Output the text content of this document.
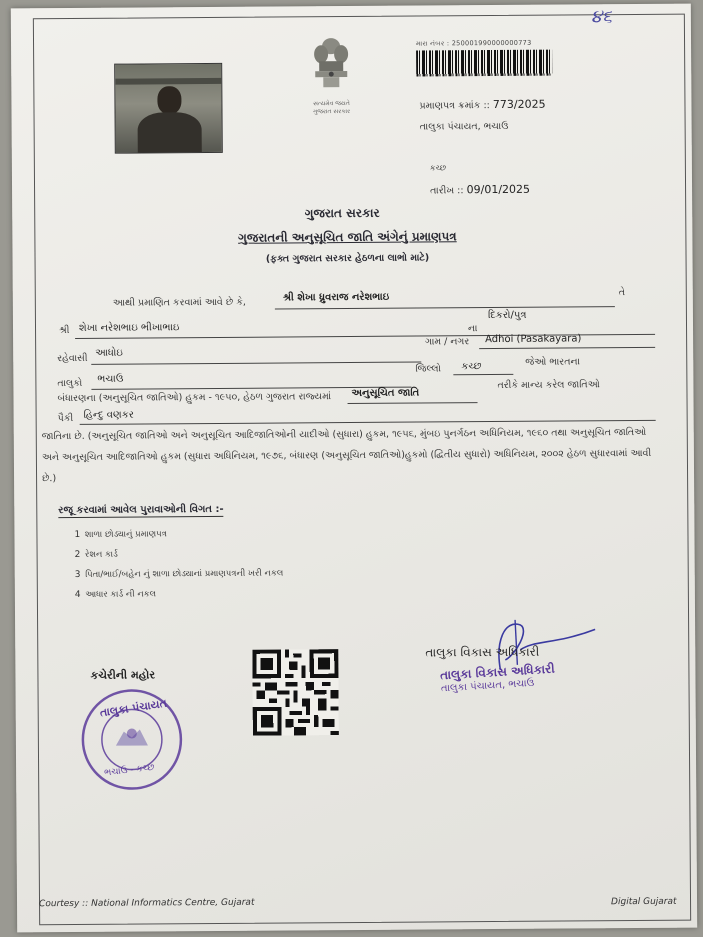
૪૬
સત્યમેવ જયતે
ગુજરાત સરકાર
મારા નંબર : 250001990000000773
પ્રમાણપત્ર ક્રમાંક :: 773/2025
તાલુકા પંચાયત, ભચાઉ
કચ્છ
તારીખ :: 09/01/2025
ગુજરાત સરકાર
ગુજરાતની અનુસૂચિત જાતિ અંગેનું પ્રમાણપત્ર
(ફક્ત ગુજરાત સરકાર હેઠળના લાભો માટે)
આથી પ્રમાણિત કરવામાં આવે છે કે,	શ્રી શેખા ધ્રુવરાજ નરેશભાઇ	તે
શ્રી શેખા નરેશભાઇ ભીખાભાઇ	ના
દિકરો/પુત્ર
રહેવાસી આધોઇ
ગામ / નગર Adhoi (Pasakayara)
તાલુકો ભચાઉ
જિલ્લો કચ્છ	જેઓ ભારતના
બંધારણના (અનુસૂચિત જાતિઓ) હુકમ - ૧૯૫૦, હેઠળ ગુજરાત રાજ્યમાં અનુસૂચિત જાતિ
તરીકે માન્ય કરેલ જાતિઓ
પૈકી હિન્દુ વણકર
જાતિના છે. (અનુસૂચિત જાતિઓ અને અનુસૂચિત આદિજાતિઓની યાદીઓ (સુધારા) હુકમ, ૧૯૫૬, મુંબઇ પુનર્ગઠન અધિનિયમ, ૧૯૬૦ તથા અનુસૂચિત જાતિઓ અને અનુસૂચિત આદિજાતિઓ હુકમ (સુધારા અધિનિયમ, ૧૯૭૬, બંધારણ (અનુસૂચિત જાતિઓ)હુકમો (દ્વિતીય સુધારો) અધિનિયમ, ૨૦૦૨ હેઠળ સુધારવામાં આવી છે.)
રજૂ કરવામાં આવેલ પુરાવાઓની વિગત :-
1 શાળા છોડ્યાનું પ્રમાણપત્ર
2 રેશન કાર્ડ
3 પિતા/ભાઈ/બહેન નું શાળા છોડ્યાનાં પ્રમાણપત્રની ખરી નકલ
4 આધાર કાર્ડ ની નકલ
કચેરીની મહોર
તાલુકા પંચાયત
ભચાઉ - કચ્છ
તાલુકા વિકાસ અધિકારી
તાલુકા વિકાસ અધિકારી
તાલુકા પંચાયત, ભચાઉ
Courtesy :: National Informatics Centre, Gujarat	Digital Gujarat
